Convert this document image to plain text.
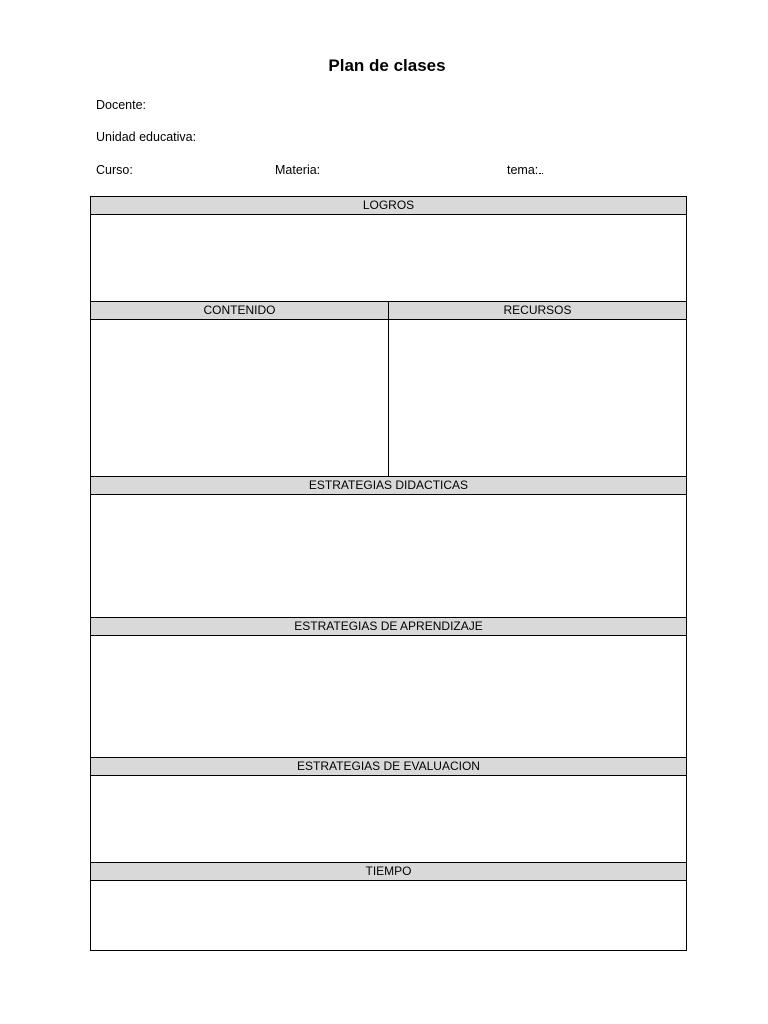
Plan de clases
Docente:
Unidad educativa:
Curso:	Materia:	tema:
LOGROS	

CONTENIDO	RECURSOS

ESTRATEGIAS DIDACTICAS	

ESTRATEGIAS DE APRENDIZAJE	

ESTRATEGIAS DE EVALUACION	

TIEMPO	
